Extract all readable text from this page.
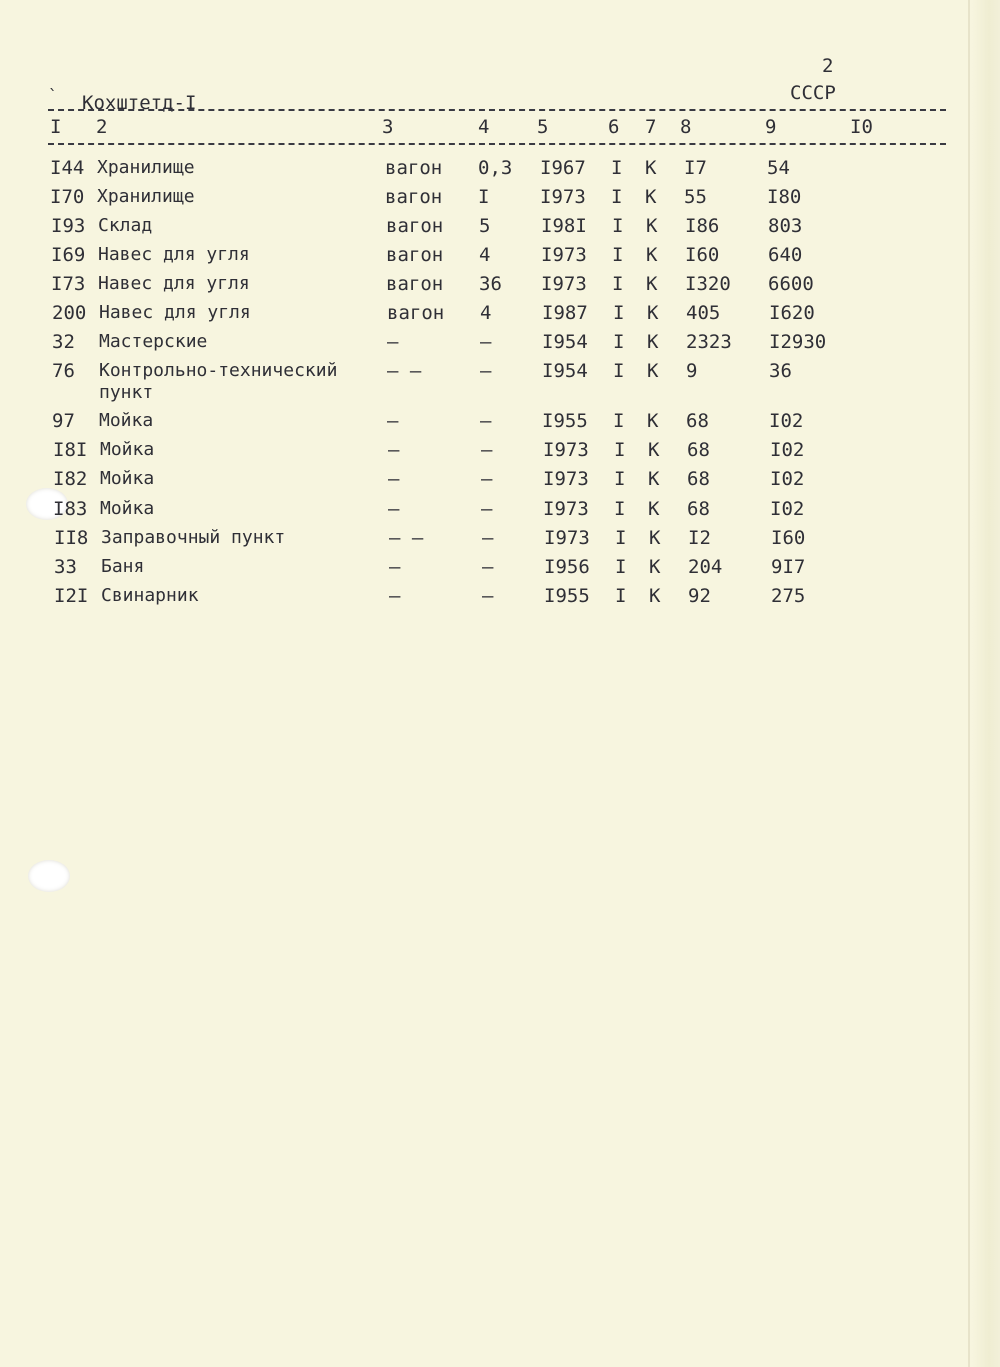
2
` Кохштетд-I	СССР
I 2	3	4	5	6 7 8	9	I0
I44 Хранилище	вагон 0,3 I967 I К I7	54
I70 Хранилище	вагон I	I973 I К 55	I80
I93 Склад	вагон 5	I98I I К I86	803
I69 Навес для угля	вагон 4	I973 I К I60	640
I73 Навес для угля	вагон 36 I973 I К I320 6600
200 Навес для угля	вагон 4	I987 I К 405	I620
32 Мастерские	–	–	I954 I К 2323 I2930
76 Контрольно-технический	– –	–	I954 I К 9	36
пункт
97 Мойка	–	–	I955 I К 68	I02
I8I Мойка	–	–	I973 I К 68	I02
I82 Мойка	–	–	I973 I К 68	I02
I83 Мойка	–	–	I973 I К 68	I02
II8 Заправочный пункт	– –	–	I973 I К I2	I60
33 Баня	–	–	I956 I К 204	9I7
I2I Свинарник	–	–	I955 I К 92	275
